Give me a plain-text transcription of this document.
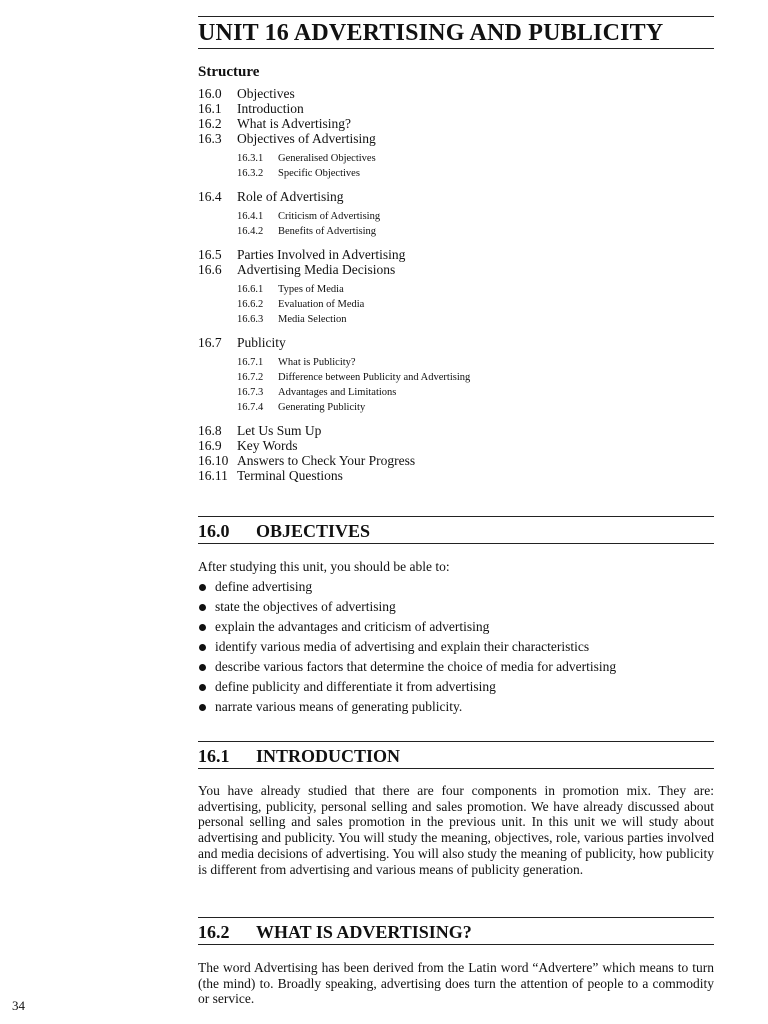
UNIT 16 ADVERTISING AND PUBLICITY
Structure
16.0 Objectives
16.1 Introduction
16.2 What is Advertising?
16.3 Objectives of Advertising
16.3.1 Generalised Objectives
16.3.2 Specific Objectives
16.4 Role of Advertising
16.4.1 Criticism of Advertising
16.4.2 Benefits of Advertising
16.5 Parties Involved in Advertising
16.6 Advertising Media Decisions
16.6.1 Types of Media
16.6.2 Evaluation of Media
16.6.3 Media Selection
16.7 Publicity
16.7.1 What is Publicity?
16.7.2 Difference between Publicity and Advertising
16.7.3 Advantages and Limitations
16.7.4 Generating Publicity
16.8 Let Us Sum Up
16.9 Key Words
16.10 Answers to Check Your Progress
16.11 Terminal Questions
16.0 OBJECTIVES
After studying this unit, you should be able to:
define advertising
state the objectives of advertising
explain the advantages and criticism of advertising
identify various media of advertising and explain their characteristics
describe various factors that determine the choice of media for advertising
define publicity and differentiate it from advertising
narrate various means of generating publicity.
16.1 INTRODUCTION
You have already studied that there are four components in promotion mix. They are: advertising, publicity, personal selling and sales promotion. We have already discussed about personal selling and sales promotion in the previous unit. In this unit we will study about advertising and publicity. You will study the meaning, objectives, role, various parties involved and media decisions of advertising. You will also study the meaning of publicity, how publicity is different from advertising and various means of publicity generation.
16.2 WHAT IS ADVERTISING?
The word Advertising has been derived from the Latin word “Advertere” which means to turn (the mind) to. Broadly speaking, advertising does turn the attention of people to a commodity or service.
34
